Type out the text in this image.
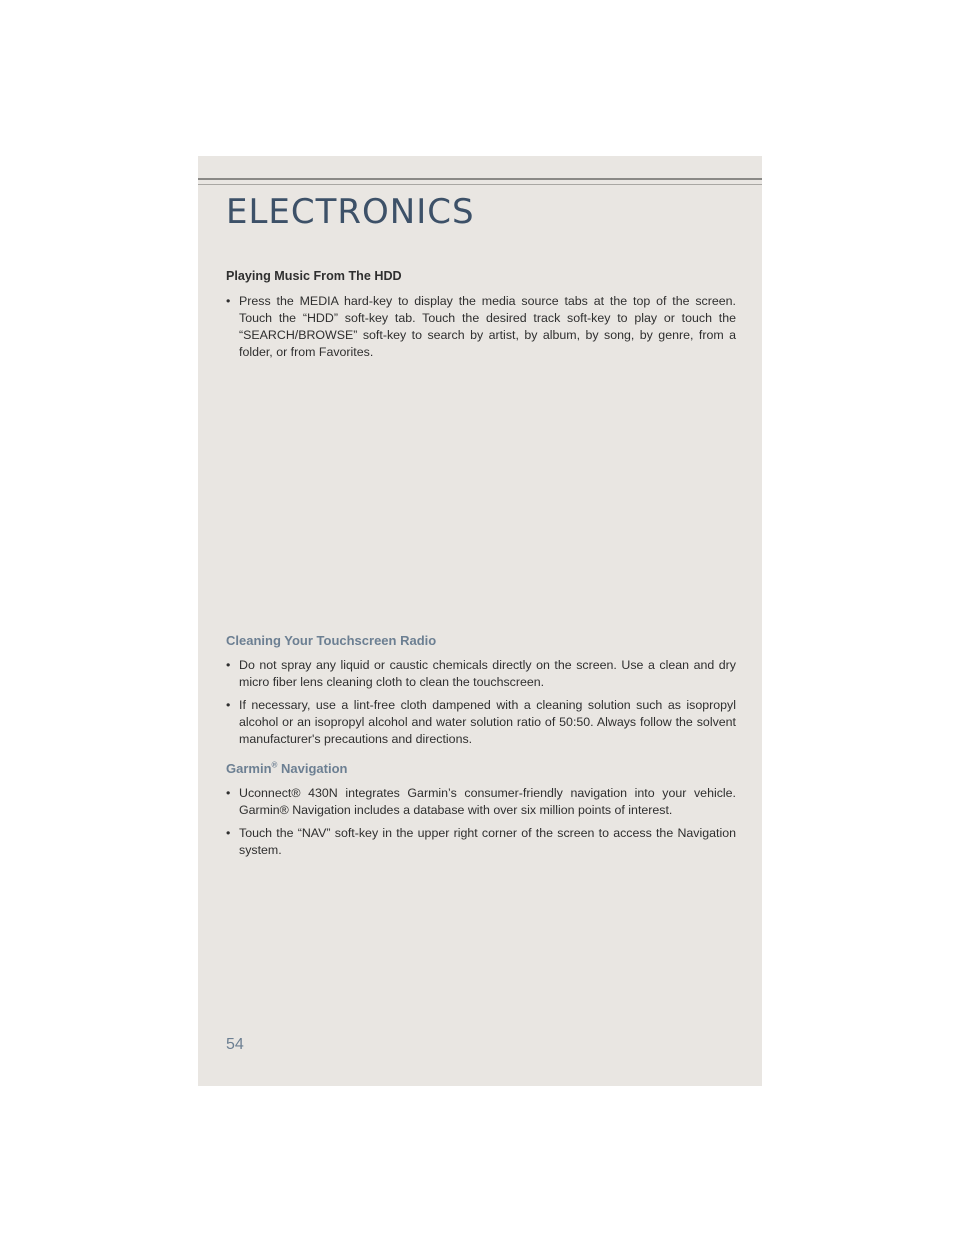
ELECTRONICS
Playing Music From The HDD
• Press the MEDIA hard-key to display the media source tabs at the top of the screen. Touch the “HDD” soft-key tab. Touch the desired track soft-key to play or touch the “SEARCH/BROWSE” soft-key to search by artist, by album, by song, by genre, from a folder, or from Favorites.
Cleaning Your Touchscreen Radio
• Do not spray any liquid or caustic chemicals directly on the screen. Use a clean and dry micro fiber lens cleaning cloth to clean the touchscreen.
• If necessary, use a lint-free cloth dampened with a cleaning solution such as isopropyl alcohol or an isopropyl alcohol and water solution ratio of 50:50. Always follow the solvent manufacturer's precautions and directions.
Garmin® Navigation
• Uconnect® 430N integrates Garmin’s consumer-friendly navigation into your vehicle. Garmin® Navigation includes a database with over six million points of interest.
• Touch the “NAV” soft-key in the upper right corner of the screen to access the Navigation system.
54
